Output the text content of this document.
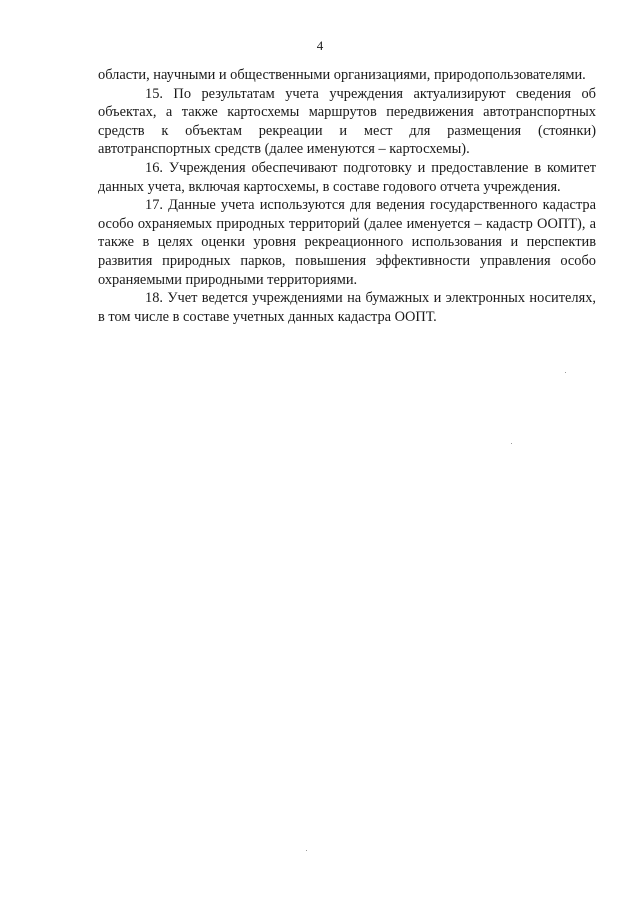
4

области, научными и общественными организациями, природопользователями.

15. По результатам учета учреждения актуализируют сведения об объектах, а также картосхемы маршрутов передвижения автотранспортных средств к объектам рекреации и мест для размещения (стоянки) автотранспортных средств (далее именуются – картосхемы).

16. Учреждения обеспечивают подготовку и предоставление в комитет данных учета, включая картосхемы, в составе годового отчета учреждения.

17. Данные учета используются для ведения государственного кадастра особо охраняемых природных территорий (далее именуется – кадастр ООПТ), а также в целях оценки уровня рекреационного использования и перспектив развития природных парков, повышения эффективности управления особо охраняемыми природными территориями.

18. Учет ведется учреждениями на бумажных и электронных носителях, в том числе в составе учетных данных кадастра ООПТ.
